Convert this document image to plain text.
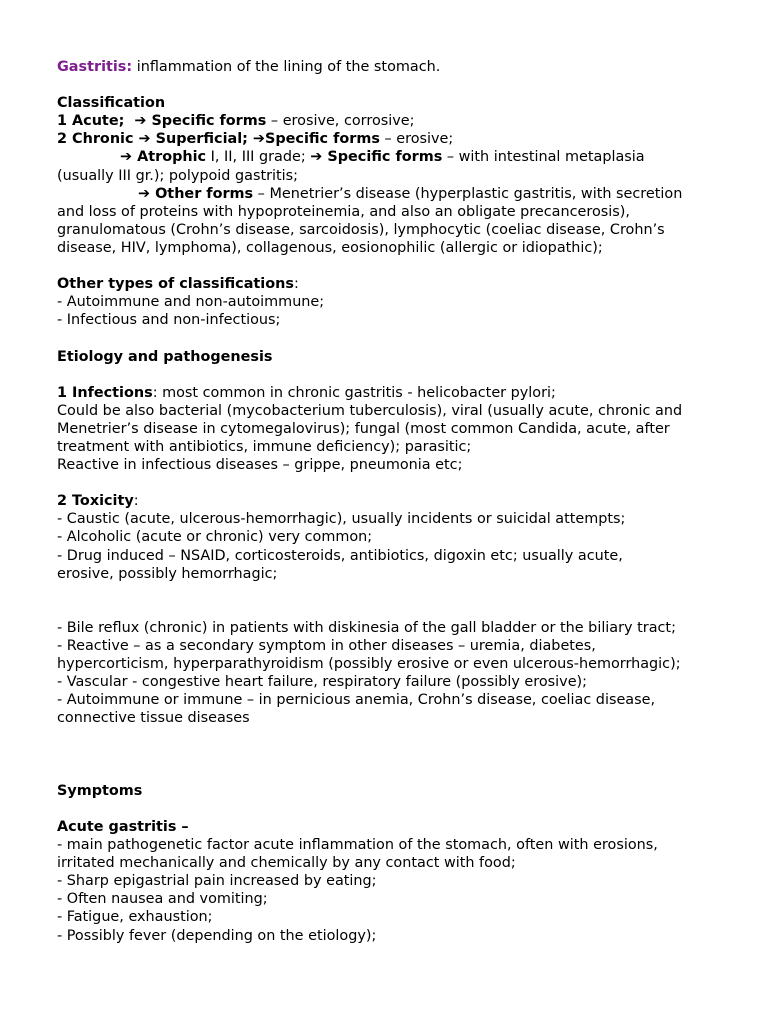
Gastritis: inflammation of the lining of the stomach.
Classification
1 Acute;  ➔ Specific forms – erosive, corrosive;
2 Chronic ➔ Superficial; ➔Specific forms – erosive;
➔ Atrophic I, II, III grade; ➔ Specific forms – with intestinal metaplasia
(usually III gr.); polypoid gastritis;
➔ Other forms – Menetrier’s disease (hyperplastic gastritis, with secretion
and loss of proteins with hypoproteinemia, and also an obligate precancerosis),
granulomatous (Crohn’s disease, sarcoidosis), lymphocytic (coeliac disease, Crohn’s
disease, HIV, lymphoma), collagenous, eosionophilic (allergic or idiopathic);
Other types of classifications:
- Autoimmune and non-autoimmune;
- Infectious and non-infectious;
Etiology and pathogenesis
1 Infections: most common in chronic gastritis - helicobacter pylori;
Could be also bacterial (mycobacterium tuberculosis), viral (usually acute, chronic and
Menetrier’s disease in cytomegalovirus); fungal (most common Candida, acute, after
treatment with antibiotics, immune deficiency); parasitic;
Reactive in infectious diseases – grippe, pneumonia etc;
2 Toxicity:
- Caustic (acute, ulcerous-hemorrhagic), usually incidents or suicidal attempts;
- Alcoholic (acute or chronic) very common;
- Drug induced – NSAID, corticosteroids, antibiotics, digoxin etc; usually acute,
erosive, possibly hemorrhagic;
- Bile reflux (chronic) in patients with diskinesia of the gall bladder or the biliary tract;
- Reactive – as a secondary symptom in other diseases – uremia, diabetes,
hypercorticism, hyperparathyroidism (possibly erosive or even ulcerous-hemorrhagic);
- Vascular - congestive heart failure, respiratory failure (possibly erosive);
- Autoimmune or immune – in pernicious anemia, Crohn’s disease, coeliac disease,
connective tissue diseases
Symptoms
Acute gastritis –
- main pathogenetic factor acute inflammation of the stomach, often with erosions,
irritated mechanically and chemically by any contact with food;
- Sharp epigastrial pain increased by eating;
- Often nausea and vomiting;
- Fatigue, exhaustion;
- Possibly fever (depending on the etiology);
